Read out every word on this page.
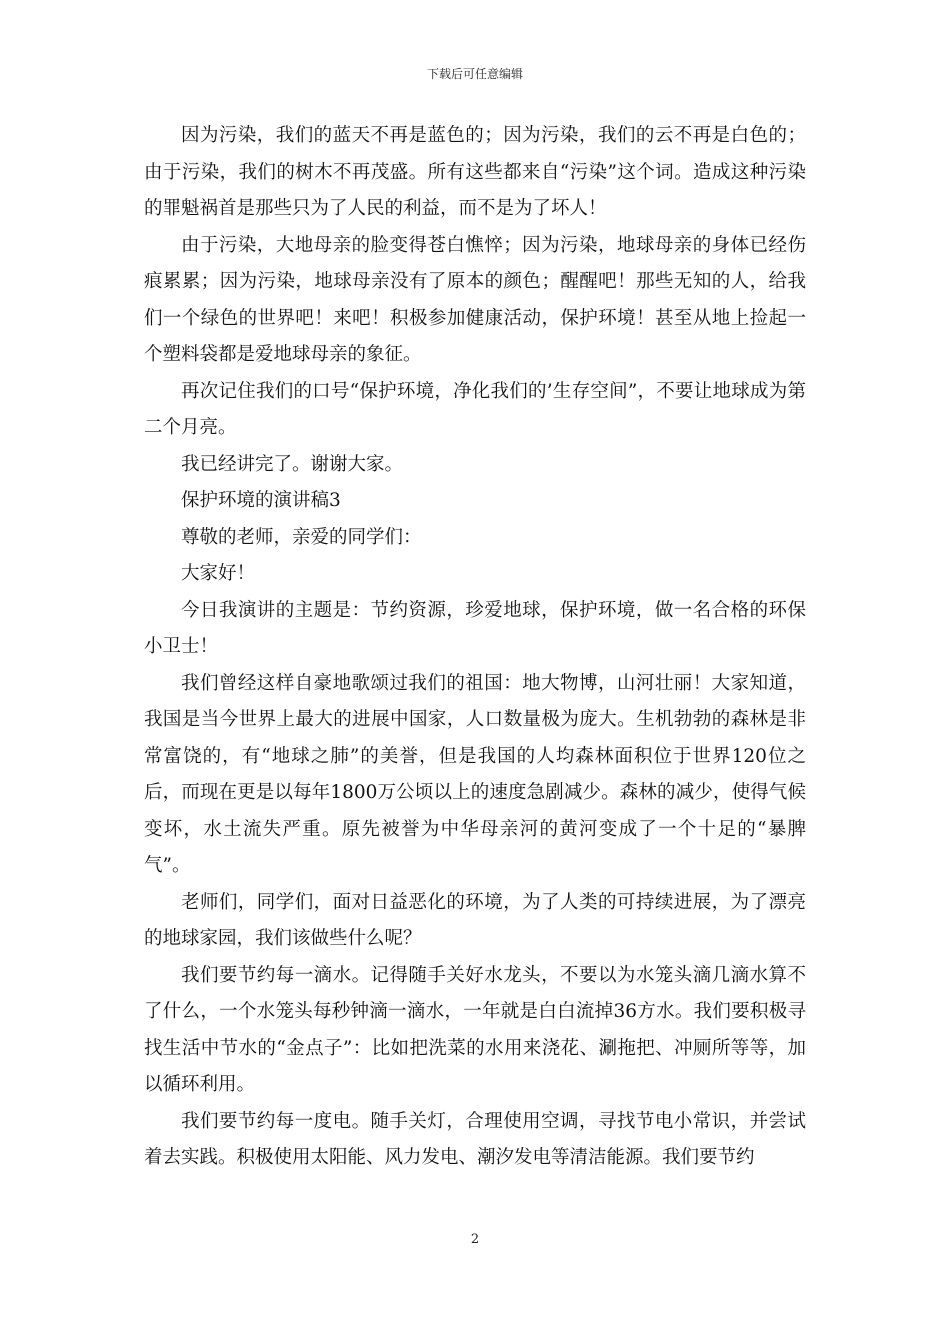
下载后可任意编辑

因为污染，我们的蓝天不再是蓝色的；因为污染，我们的云不再是白色的；由于污染，我们的树木不再茂盛。所有这些都来自“污染”这个词。造成这种污染的罪魁祸首是那些只为了人民的利益，而不是为了坏人！

由于污染，大地母亲的脸变得苍白憔悴；因为污染，地球母亲的身体已经伤痕累累；因为污染，地球母亲没有了原本的颜色；醒醒吧！那些无知的人，给我们一个绿色的世界吧！来吧！积极参加健康活动，保护环境！甚至从地上捡起一个塑料袋都是爱地球母亲的象征。

再次记住我们的口号“保护环境，净化我们的’生存空间”，不要让地球成为第二个月亮。

我已经讲完了。谢谢大家。

保护环境的演讲稿3

尊敬的老师，亲爱的同学们：

大家好！

今日我演讲的主题是：节约资源，珍爱地球，保护环境，做一名合格的环保小卫士！

我们曾经这样自豪地歌颂过我们的祖国：地大物博，山河壮丽！大家知道，我国是当今世界上最大的进展中国家，人口数量极为庞大。生机勃勃的森林是非常富饶的，有“地球之肺”的美誉，但是我国的人均森林面积位于世界120位之后，而现在更是以每年1800万公顷以上的速度急剧减少。森林的减少，使得气候变坏，水土流失严重。原先被誉为中华母亲河的黄河变成了一个十足的“暴脾气”。

老师们，同学们，面对日益恶化的环境，为了人类的可持续进展，为了漂亮的地球家园，我们该做些什么呢？

我们要节约每一滴水。记得随手关好水龙头，不要以为水笼头滴几滴水算不了什么，一个水笼头每秒钟滴一滴水，一年就是白白流掉36方水。我们要积极寻找生活中节水的“金点子”：比如把洗菜的水用来浇花、涮拖把、冲厕所等等，加以循环利用。

我们要节约每一度电。随手关灯，合理使用空调，寻找节电小常识，并尝试着去实践。积极使用太阳能、风力发电、潮汐发电等清洁能源。我们要节约

2
